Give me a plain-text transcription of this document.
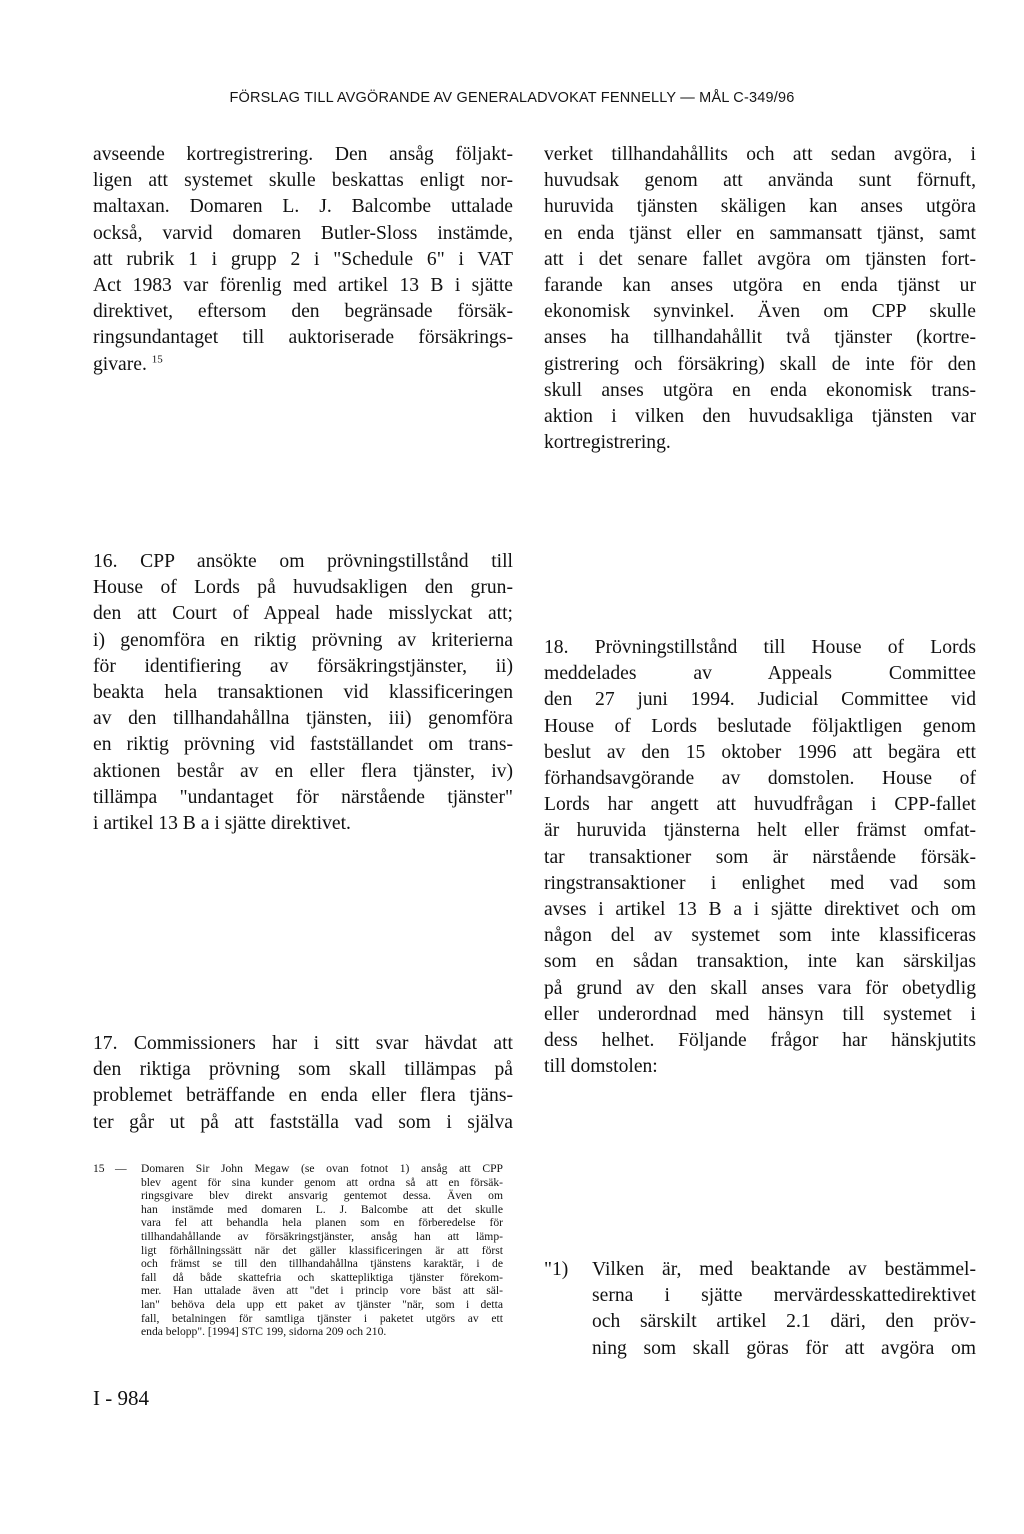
FÖRSLAG TILL AVGÖRANDE AV GENERALADVOKAT FENNELLY — MÅL C-349/96
avseende kortregistrering. Den ansåg följakt-
ligen att systemet skulle beskattas enligt nor-
maltaxan. Domaren L. J. Balcombe uttalade
också, varvid domaren Butler-Sloss instämde,
att rubrik 1 i grupp 2 i "Schedule 6" i VAT
Act 1983 var förenlig med artikel 13 B i sjätte
direktivet, eftersom den begränsade försäk-
ringsundantaget till auktoriserade försäkrings-
givare. $^{15}$
verket tillhandahållits och att sedan avgöra, i
huvudsak genom att använda sunt förnuft,
huruvida tjänsten skäligen kan anses utgöra
en enda tjänst eller en sammansatt tjänst, samt
att i det senare fallet avgöra om tjänsten fort-
farande kan anses utgöra en enda tjänst ur
ekonomisk synvinkel. Även om CPP skulle
anses ha tillhandahållit två tjänster (kortre-
gistrering och försäkring) skall de inte för den
skull anses utgöra en enda ekonomisk trans-
aktion i vilken den huvudsakliga tjänsten var
kortregistrering.
16. CPP ansökte om prövningstillstånd till
House of Lords på huvudsakligen den grun-
den att Court of Appeal hade misslyckat att;
i) genomföra en riktig prövning av kriterierna
för identifiering av försäkringstjänster, ii)
beakta hela transaktionen vid klassificeringen
av den tillhandahållna tjänsten, iii) genomföra
en riktig prövning vid fastställandet om trans-
aktionen består av en eller flera tjänster, iv)
tillämpa "undantaget för närstående tjänster"
i artikel 13 B a i sjätte direktivet.
18. Prövningstillstånd till House of Lords
meddelades av Appeals Committee
den 27 juni 1994. Judicial Committee vid
House of Lords beslutade följaktligen genom
beslut av den 15 oktober 1996 att begära ett
förhandsavgörande av domstolen. House of
Lords har angett att huvudfrågan i CPP-fallet
är huruvida tjänsterna helt eller främst omfat-
tar transaktioner som är närstående försäk-
ringstransaktioner i enlighet med vad som
avses i artikel 13 B a i sjätte direktivet och om
någon del av systemet som inte klassificeras
som en sådan transaktion, inte kan särskiljas
på grund av den skall anses vara för obetydlig
eller underordnad med hänsyn till systemet i
dess helhet. Följande frågor har hänskjutits
till domstolen:
17. Commissioners har i sitt svar hävdat att
den riktiga prövning som skall tillämpas på
problemet beträffande en enda eller flera tjäns-
ter går ut på att fastställa vad som i själva
15 — Domaren Sir John Megaw (se ovan fotnot 1) ansåg att CPP
blev agent för sina kunder genom att ordna så att en försäk-
ringsgivare blev direkt ansvarig gentemot dessa. Även om
han instämde med domaren L. J. Balcombe att det skulle
vara fel att behandla hela planen som en förberedelse för
tillhandahållande av försäkringstjänster, ansåg han att lämp-
ligt förhållningssätt när det gäller klassificeringen är att först
och främst se till den tillhandahållna tjänstens karaktär, i de
fall då både skattefria och skattepliktiga tjänster förekom-
mer. Han uttalade även att "det i princip vore bäst att säl-
lan" behöva dela upp ett paket av tjänster "när, som i detta
fall, betalningen för samtliga tjänster i paketet utgörs av ett
enda belopp". [1994] STC 199, sidorna 209 och 210.
"1) Vilken är, med beaktande av bestämmel-
serna i sjätte mervärdesskattedirektivet
och särskilt artikel 2.1 däri, den pröv-
ning som skall göras för att avgöra om
I - 984
